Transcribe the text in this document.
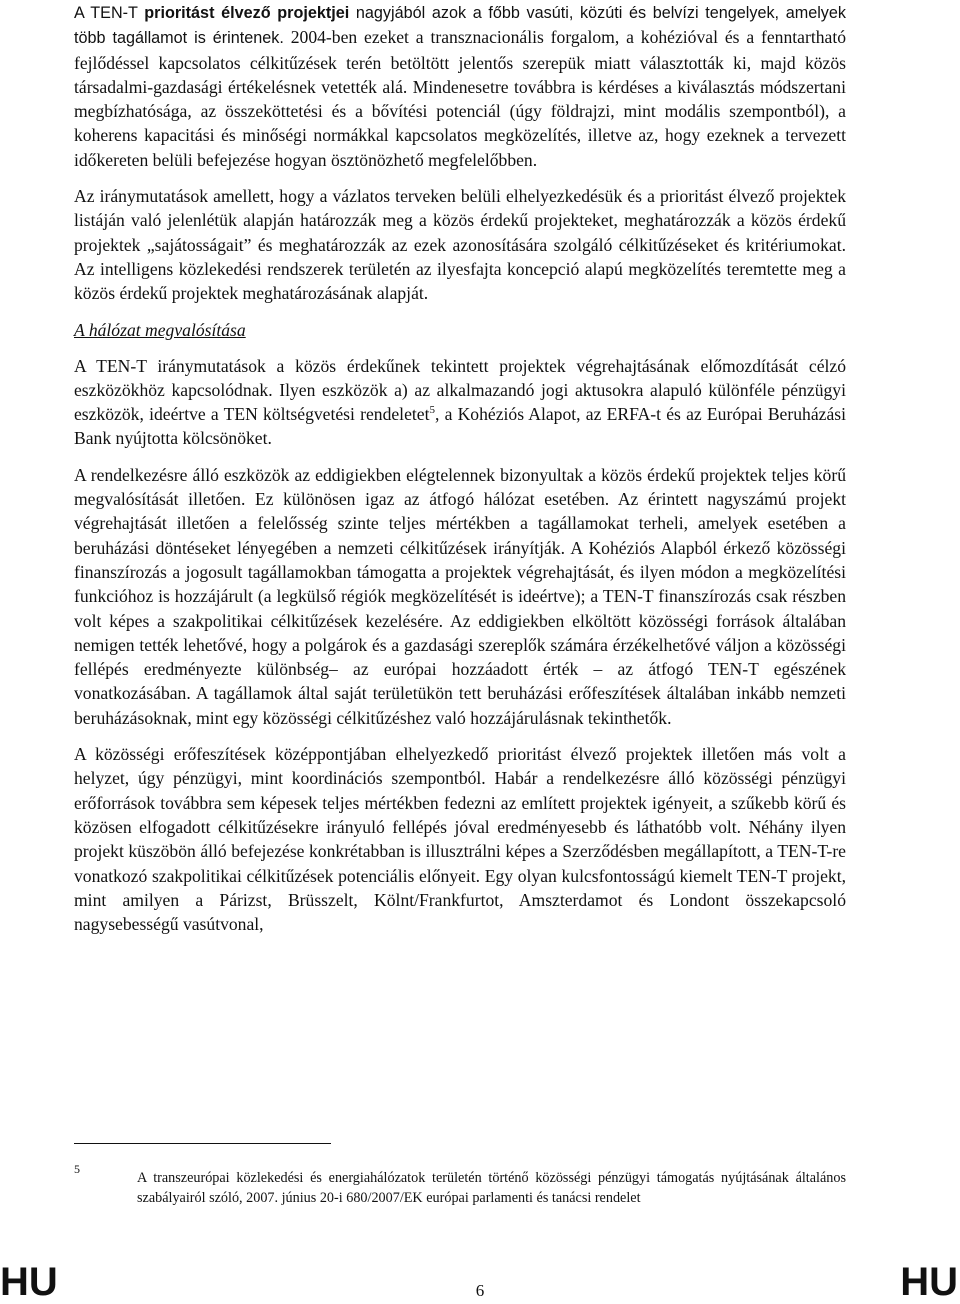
A TEN-T prioritást élvező projektjei nagyjából azok a főbb vasúti, közúti és belvízi tengelyek, amelyek több tagállamot is érintenek. 2004-ben ezeket a transznacionális forgalom, a kohézióval és a fenntartható fejlődéssel kapcsolatos célkitűzések terén betöltött jelentős szerepük miatt választották ki, majd közös társadalmi-gazdasági értékelésnek vetették alá. Mindenesetre továbbra is kérdéses a kiválasztás módszertani megbízhatósága, az összeköttetési és a bővítési potenciál (úgy földrajzi, mint modális szempontból), a koherens kapacitási és minőségi normákkal kapcsolatos megközelítés, illetve az, hogy ezeknek a tervezett időkereten belüli befejezése hogyan ösztönözhető megfelelőbben.

Az iránymutatások amellett, hogy a vázlatos terveken belüli elhelyezkedésük és a prioritást élvező projektek listáján való jelenlétük alapján határozzák meg a közös érdekű projekteket, meghatározzák a közös érdekű projektek „sajátosságait” és meghatározzák az ezek azonosítására szolgáló célkitűzéseket és kritériumokat. Az intelligens közlekedési rendszerek területén az ilyesfajta koncepció alapú megközelítés teremtette meg a közös érdekű projektek meghatározásának alapját.

A hálózat megvalósítása

A TEN-T iránymutatások a közös érdekűnek tekintett projektek végrehajtásának előmozdítását célzó eszközökhöz kapcsolódnak. Ilyen eszközök a) az alkalmazandó jogi aktusokra alapuló különféle pénzügyi eszközök, ideértve a TEN költségvetési rendeletet$^5$, a Kohéziós Alapot, az ERFA-t és az Európai Beruházási Bank nyújtotta kölcsönöket.

A rendelkezésre álló eszközök az eddigiekben elégtelennek bizonyultak a közös érdekű projektek teljes körű megvalósítását illetően. Ez különösen igaz az átfogó hálózat esetében. Az érintett nagyszámú projekt végrehajtását illetően a felelősség szinte teljes mértékben a tagállamokat terheli, amelyek esetében a beruházási döntéseket lényegében a nemzeti célkitűzések irányítják. A Kohéziós Alapból érkező közösségi finanszírozás a jogosult tagállamokban támogatta a projektek végrehajtását, és ilyen módon a megközelítési funkcióhoz is hozzájárult (a legkülső régiók megközelítését is ideértve); a TEN-T finanszírozás csak részben volt képes a szakpolitikai célkitűzések kezelésére. Az eddigiekben elköltött közösségi források általában nemigen tették lehetővé, hogy a polgárok és a gazdasági szereplők számára érzékelhetővé váljon a közösségi fellépés eredményezte különbség– az európai hozzáadott érték – az átfogó TEN-T egészének vonatkozásában. A tagállamok által saját területükön tett beruházási erőfeszítések általában inkább nemzeti beruházásoknak, mint egy közösségi célkitűzéshez való hozzájárulásnak tekinthetők.

A közösségi erőfeszítések középpontjában elhelyezkedő prioritást élvező projektek illetően más volt a helyzet, úgy pénzügyi, mint koordinációs szempontból. Habár a rendelkezésre álló közösségi pénzügyi erőforrások továbbra sem képesek teljes mértékben fedezni az említett projektek igényeit, a szűkebb körű és közösen elfogadott célkitűzésekre irányuló fellépés jóval eredményesebb és láthatóbb volt. Néhány ilyen projekt küszöbön álló befejezése konkrétabban is illusztrálni képes a Szerződésben megállapított, a TEN-T-re vonatkozó szakpolitikai célkitűzések potenciális előnyeit. Egy olyan kulcsfontosságú kiemelt TEN-T projekt, mint amilyen a Párizst, Brüsszelt, Kölnt/Frankfurtot, Amszterdamot és Londont összekapcsoló nagysebességű vasútvonal,

5

A transzeurópai közlekedési és energiahálózatok területén történő közösségi pénzügyi támogatás nyújtásának általános szabályairól szóló, 2007. június 20-i 680/2007/EK európai parlamenti és tanácsi rendelet

HU	6	HU
